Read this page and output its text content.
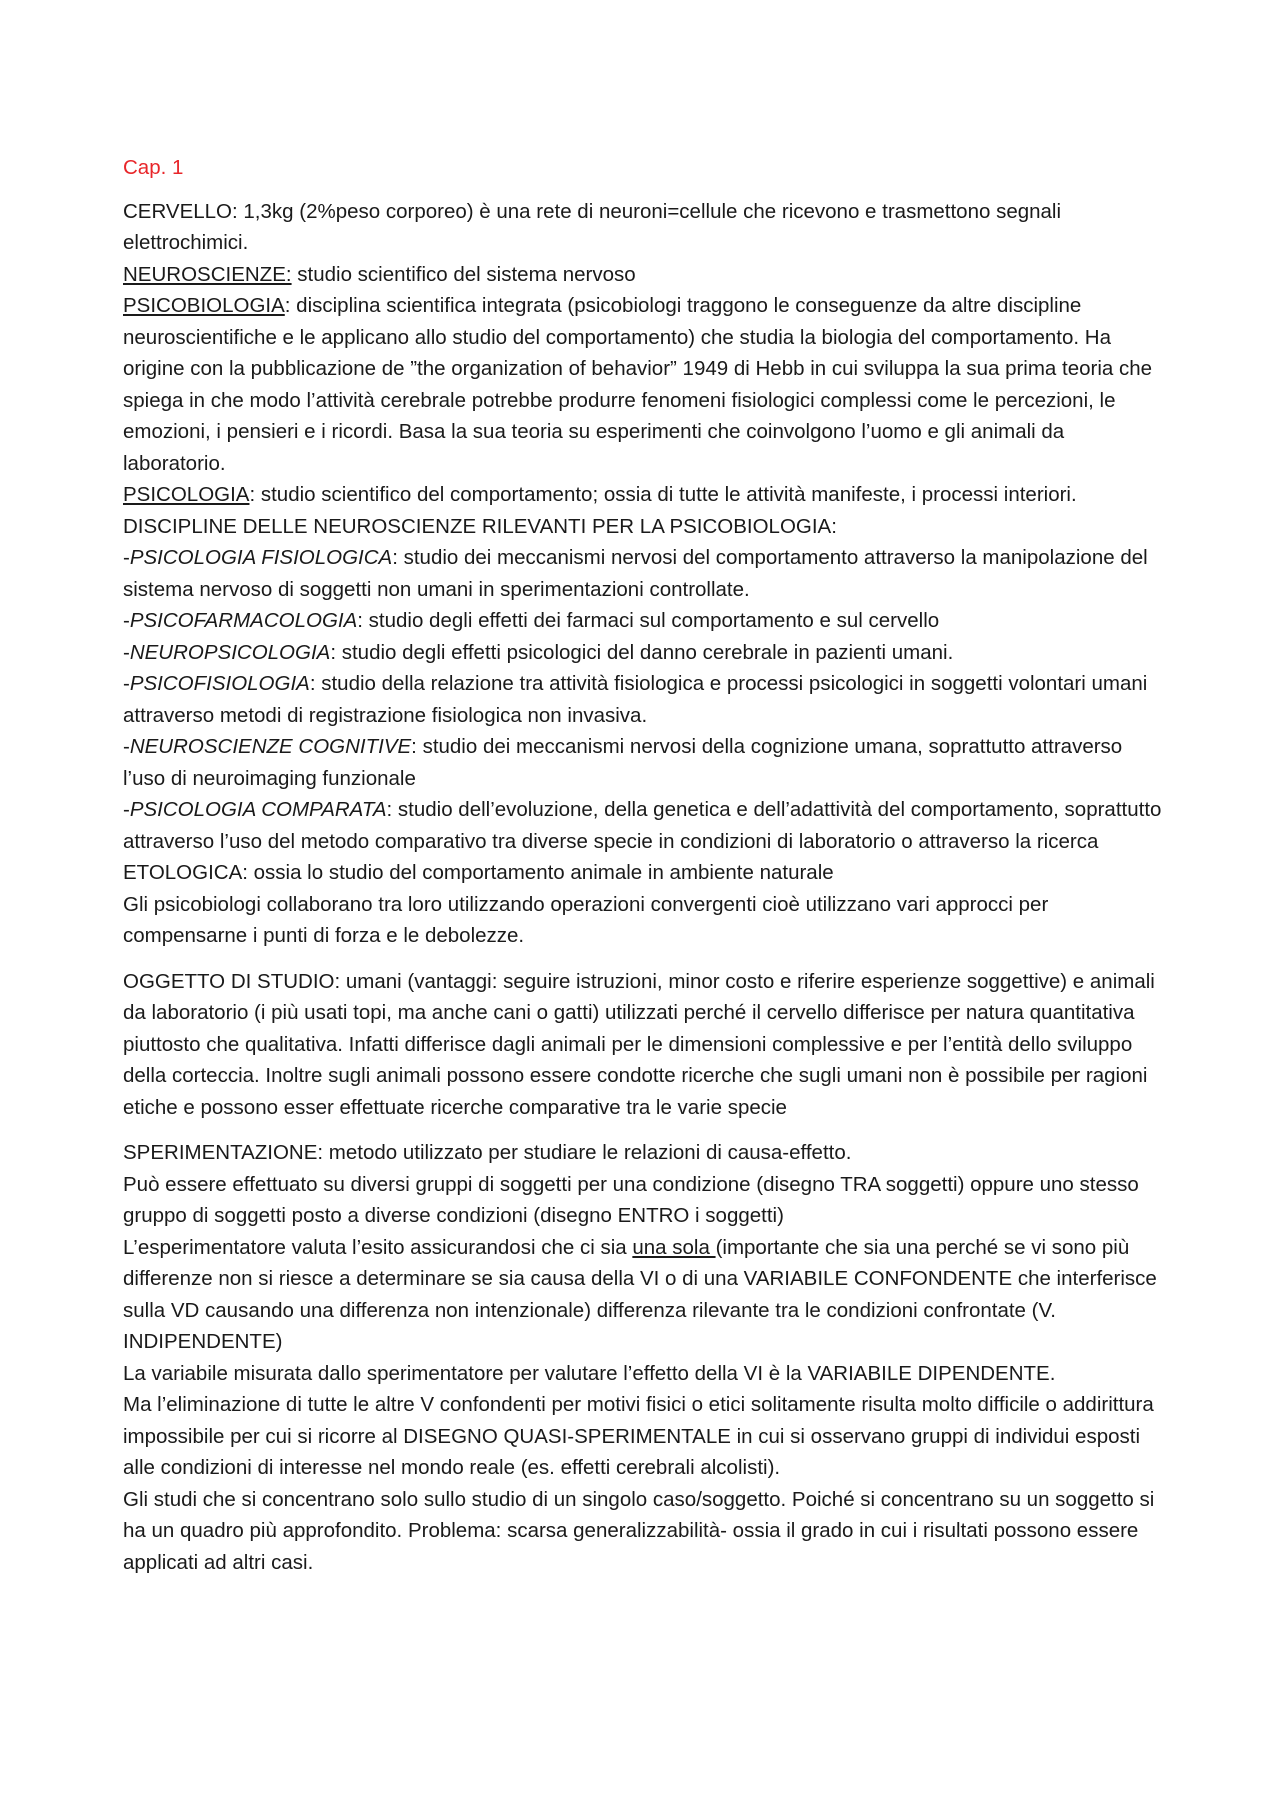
Cap. 1

CERVELLO: 1,3kg (2%peso corporeo) è una rete di neuroni=cellule che ricevono e trasmettono segnali elettrochimici.

NEUROSCIENZE: studio scientifico del sistema nervoso

PSICOBIOLOGIA: disciplina scientifica integrata (psicobiologi traggono le conseguenze da altre discipline neuroscientifiche e le applicano allo studio del comportamento) che studia la biologia del comportamento. Ha origine con la pubblicazione de ”the organization of behavior” 1949 di Hebb in cui sviluppa la sua prima teoria che spiega in che modo l’attività cerebrale potrebbe produrre fenomeni fisiologici complessi come le percezioni, le emozioni, i pensieri e i ricordi. Basa la sua teoria su esperimenti che coinvolgono l’uomo e gli animali da laboratorio.

PSICOLOGIA: studio scientifico del comportamento; ossia di tutte le attività manifeste, i processi interiori.

DISCIPLINE DELLE NEUROSCIENZE RILEVANTI PER LA PSICOBIOLOGIA:

-PSICOLOGIA FISIOLOGICA: studio dei meccanismi nervosi del comportamento attraverso la manipolazione del sistema nervoso di soggetti non umani in sperimentazioni controllate.

-PSICOFARMACOLOGIA: studio degli effetti dei farmaci sul comportamento e sul cervello

-NEUROPSICOLOGIA: studio degli effetti psicologici del danno cerebrale in pazienti umani.

-PSICOFISIOLOGIA: studio della relazione tra attività fisiologica e processi psicologici in soggetti volontari umani attraverso metodi di registrazione fisiologica non invasiva.

-NEUROSCIENZE COGNITIVE: studio dei meccanismi nervosi della cognizione umana, soprattutto attraverso l’uso di neuroimaging funzionale

-PSICOLOGIA COMPARATA: studio dell’evoluzione, della genetica e dell’adattività del comportamento, soprattutto attraverso l’uso del metodo comparativo tra diverse specie in condizioni di laboratorio o attraverso la ricerca ETOLOGICA: ossia lo studio del comportamento animale in ambiente naturale

Gli psicobiologi collaborano tra loro utilizzando operazioni convergenti cioè utilizzano vari approcci per compensarne i punti di forza e le debolezze.

OGGETTO DI STUDIO: umani (vantaggi: seguire istruzioni, minor costo e riferire esperienze soggettive) e animali da laboratorio (i più usati topi, ma anche cani o gatti) utilizzati perché il cervello differisce per natura quantitativa piuttosto che qualitativa. Infatti differisce dagli animali per le dimensioni complessive e per l’entità dello sviluppo della corteccia. Inoltre sugli animali possono essere condotte ricerche che sugli umani non è possibile per ragioni etiche e possono esser effettuate ricerche comparative tra le varie specie

SPERIMENTAZIONE: metodo utilizzato per studiare le relazioni di causa-effetto.

Può essere effettuato su diversi gruppi di soggetti per una condizione (disegno TRA soggetti) oppure uno stesso gruppo di soggetti posto a diverse condizioni (disegno ENTRO i soggetti)

L’esperimentatore valuta l’esito assicurandosi che ci sia una sola (importante che sia una perché se vi sono più differenze non si riesce a determinare se sia causa della VI o di una VARIABILE CONFONDENTE che interferisce sulla VD causando una differenza non intenzionale) differenza rilevante tra le condizioni confrontate (V. INDIPENDENTE)

La variabile misurata dallo sperimentatore per valutare l’effetto della VI è la VARIABILE DIPENDENTE.

Ma l’eliminazione di tutte le altre V confondenti per motivi fisici o etici solitamente risulta molto difficile o addirittura impossibile per cui si ricorre al DISEGNO QUASI-SPERIMENTALE in cui si osservano gruppi di individui esposti alle condizioni di interesse nel mondo reale (es. effetti cerebrali alcolisti).

Gli studi che si concentrano solo sullo studio di un singolo caso/soggetto. Poiché si concentrano su un soggetto si ha un quadro più approfondito. Problema: scarsa generalizzabilità- ossia il grado in cui i risultati possono essere applicati ad altri casi.
